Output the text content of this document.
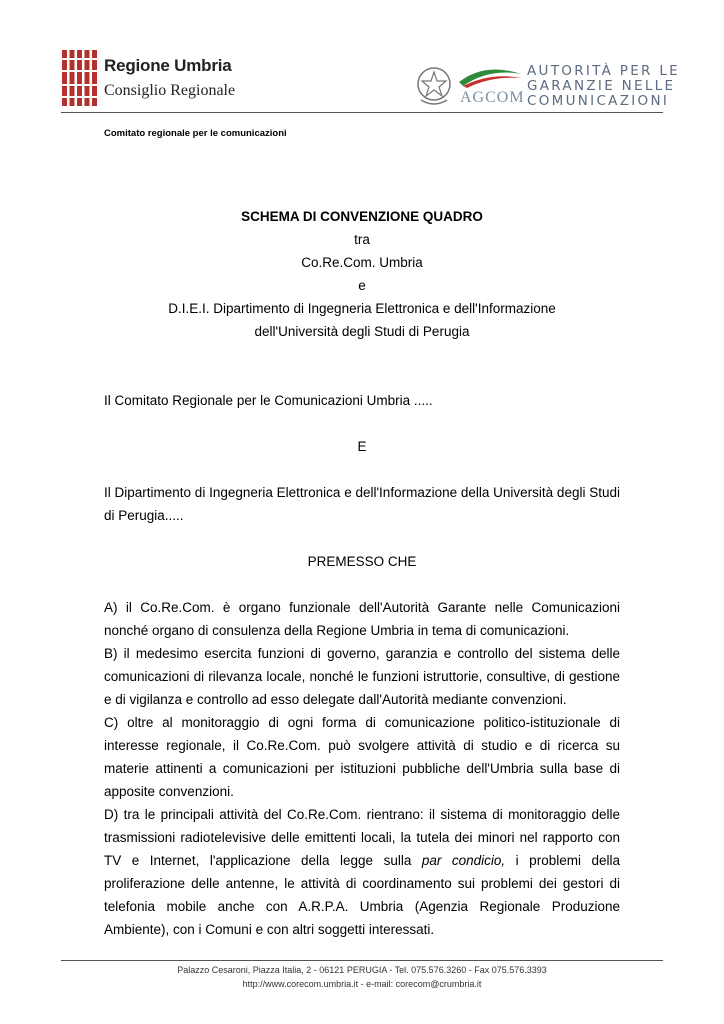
Regione Umbria
Consiglio Regionale	AGCOM
AUTORITÀ PER LE
GARANZIE NELLE
COMUNICAZIONI
Comitato regionale per le comunicazioni
SCHEMA DI CONVENZIONE QUADRO
tra
Co.Re.Com. Umbria
e
D.I.E.I. Dipartimento di Ingegneria Elettronica e dell'Informazione
dell'Università degli Studi di Perugia
Il Comitato Regionale per le Comunicazioni Umbria .....
E
Il Dipartimento di Ingegneria Elettronica e dell'Informazione della Università degli Studi di Perugia.....
PREMESSO CHE

A) il Co.Re.Com. è organo funzionale dell'Autorità Garante nelle Comunicazioni nonché organo di consulenza della Regione Umbria in tema di comunicazioni.

B) il medesimo esercita funzioni di governo, garanzia e controllo del sistema delle comunicazioni di rilevanza locale, nonché le funzioni istruttorie, consultive, di gestione e di vigilanza e controllo ad esso delegate dall'Autorità mediante convenzioni.

C) oltre al monitoraggio di ogni forma di comunicazione politico-istituzionale di interesse regionale, il Co.Re.Com. può svolgere attività di studio e di ricerca su materie attinenti a comunicazioni per istituzioni pubbliche dell'Umbria sulla base di apposite convenzioni.

D) tra le principali attività del Co.Re.Com. rientrano: il sistema di monitoraggio delle trasmissioni radiotelevisive delle emittenti locali, la tutela dei minori nel rapporto con TV e Internet, l'applicazione della legge sulla par condicio, i problemi della proliferazione delle antenne, le attività di coordinamento sui problemi dei gestori di telefonia mobile anche con A.R.P.A. Umbria (Agenzia Regionale Produzione Ambiente), con i Comuni e con altri soggetti interessati.

Palazzo Cesaroni, Piazza Italia, 2 - 06121 PERUGIA - Tel. 075.576.3260 - Fax 075.576.3393
http://www.corecom.umbria.it - e-mail: corecom@crumbria.it
